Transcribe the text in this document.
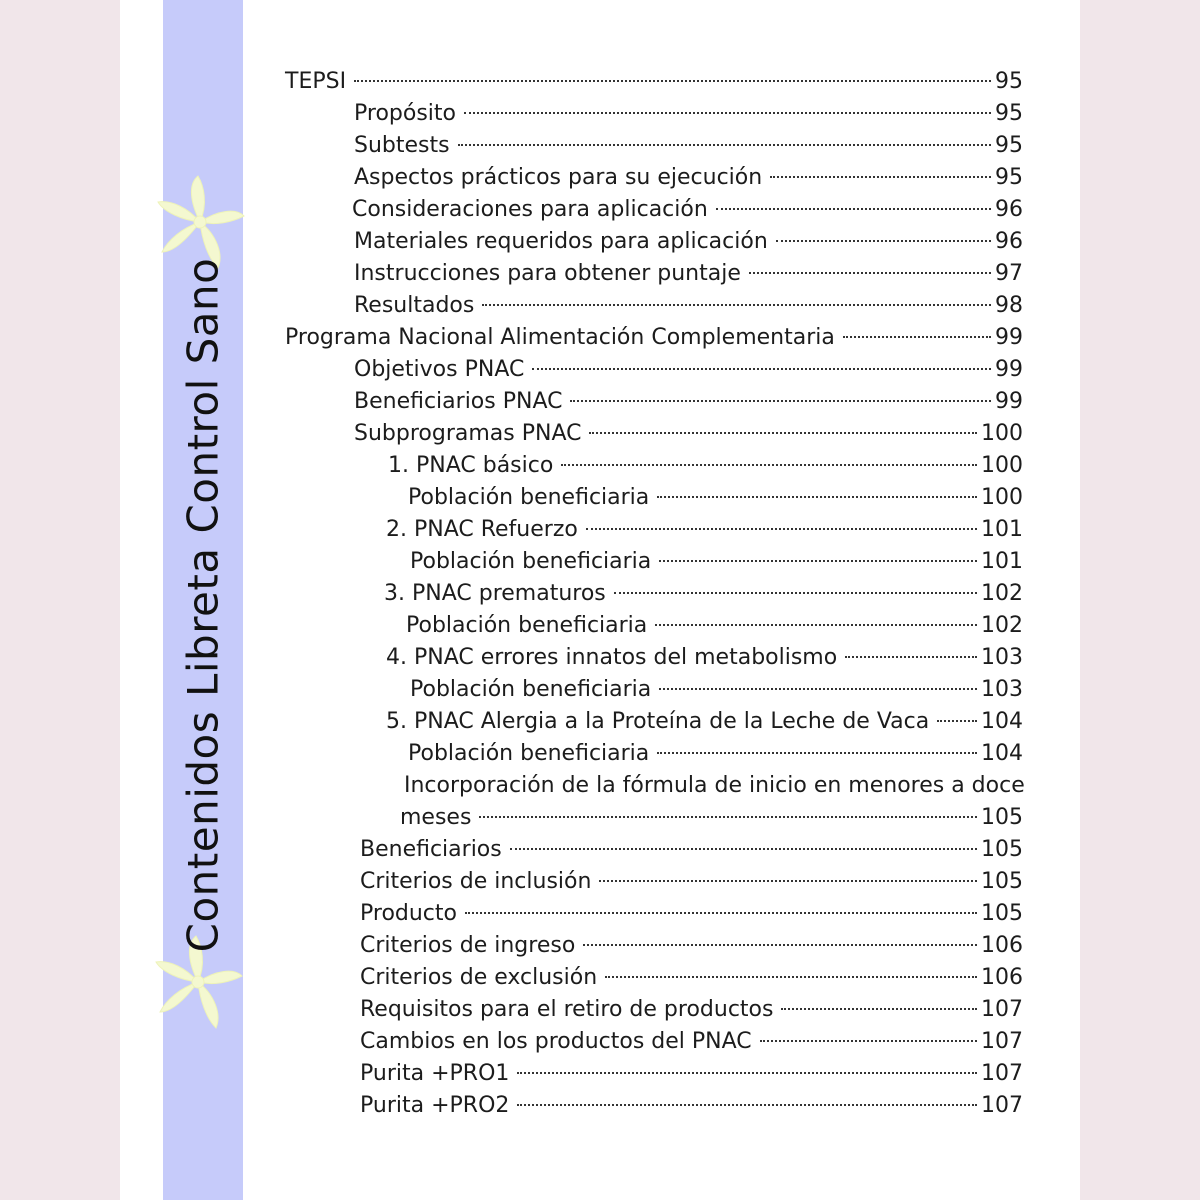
Contenidos Libreta Control Sano
TEPSI	95
Propósito	95
Subtests	95
Aspectos prácticos para su ejecución	95
Consideraciones para aplicación	96
Materiales requeridos para aplicación	96
Instrucciones para obtener puntaje	97
Resultados	98
Programa Nacional Alimentación Complementaria	99
Objetivos PNAC	99
Beneficiarios PNAC	99
Subprogramas PNAC	100
1. PNAC básico	100
Población beneficiaria	100
2. PNAC Refuerzo	101
Población beneficiaria	101
3. PNAC prematuros	102
Población beneficiaria	102
4. PNAC errores innatos del metabolismo	103
Población beneficiaria	103
5. PNAC Alergia a la Proteína de la Leche de Vaca 104
Población beneficiaria	104
Incorporación de la fórmula de inicio en menores a doce
meses	105
Beneficiarios	105
Criterios de inclusión	105
Producto	105
Criterios de ingreso	106
Criterios de exclusión	106
Requisitos para el retiro de productos	107
Cambios en los productos del PNAC	107
Purita +PRO1	107
Purita +PRO2	107
